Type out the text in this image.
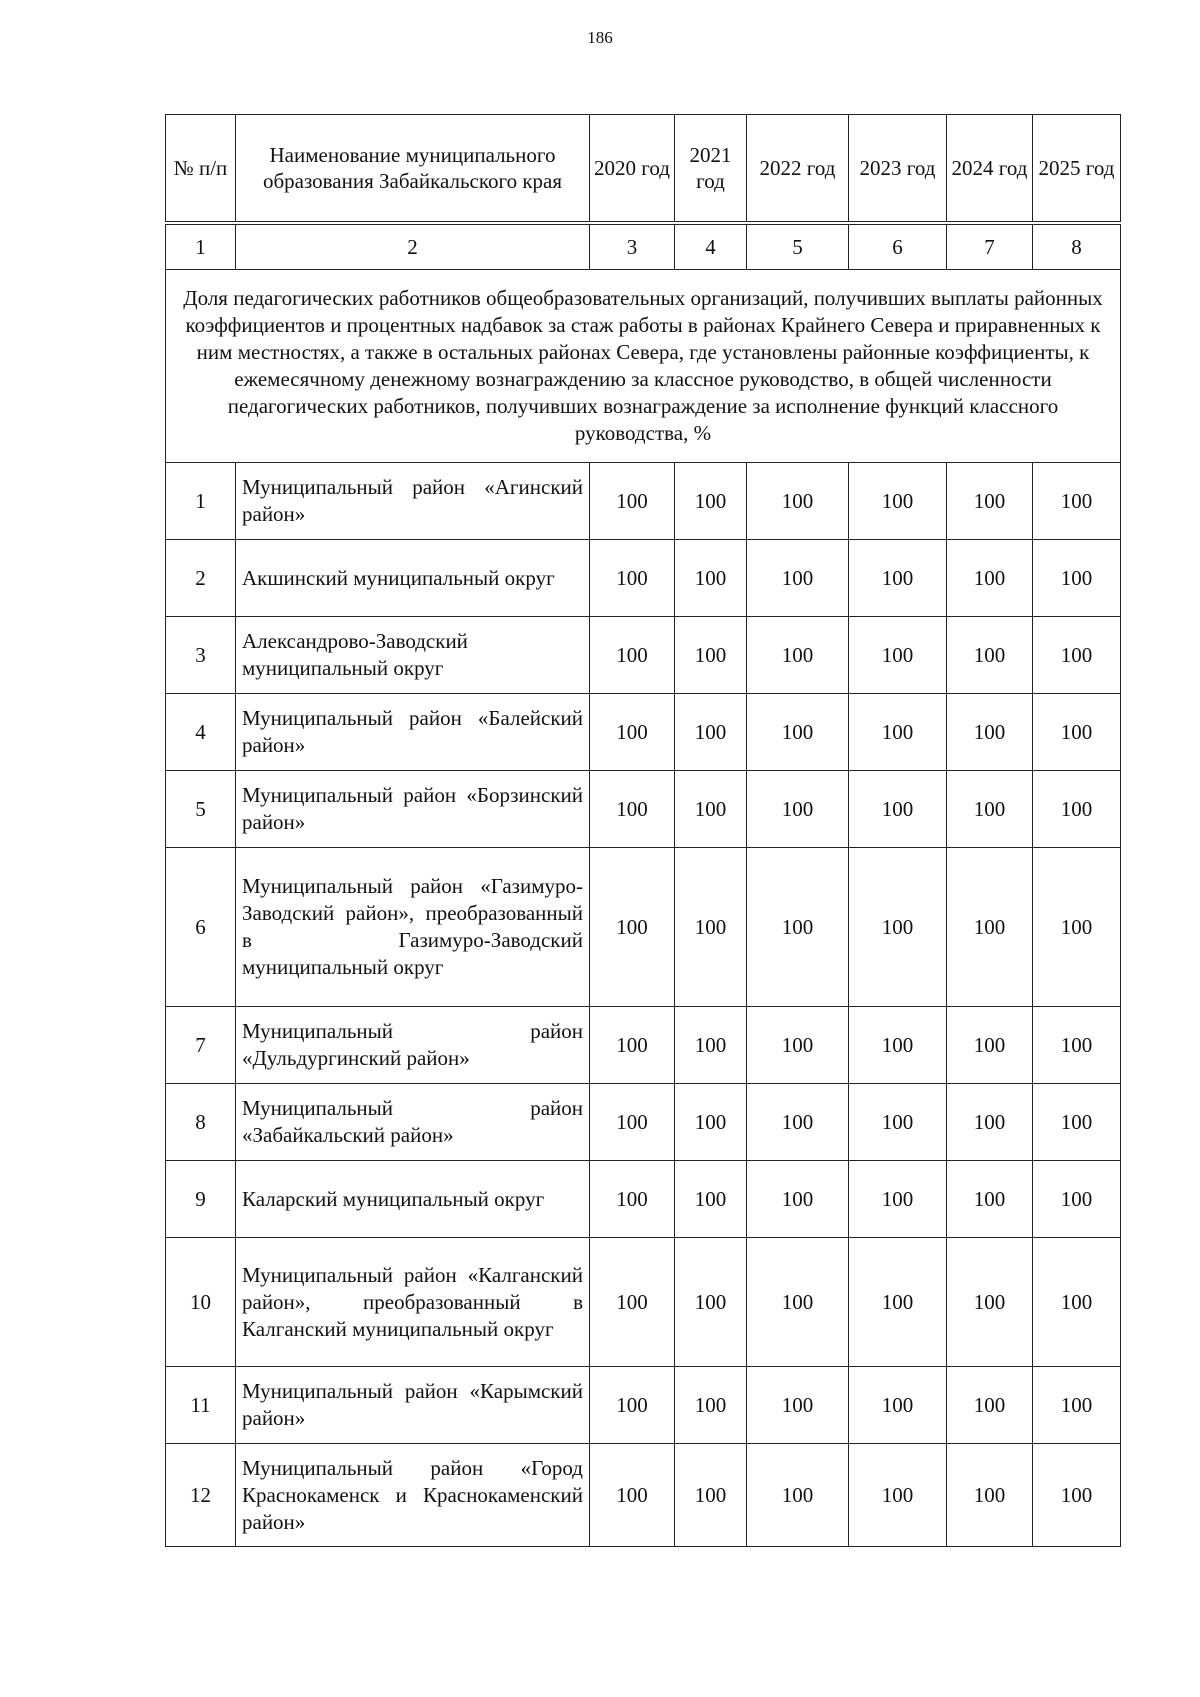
186
№ п/п	Наименование муниципального образования Забайкальского края	2020 год	2021 год	2022 год	2023 год	2024 год	2025 год
1	2	3	4	5	6	7	8
Доля педагогических работников общеобразовательных организаций, получивших выплаты районных коэффициентов и процентных надбавок за стаж работы в районах Крайнего Севера и приравненных к ним местностях, а также в остальных районах Севера, где установлены районные коэффициенты, к ежемесячному денежному вознаграждению за классное руководство, в общей численности педагогических работников, получивших вознаграждение за исполнение функций классного руководства, %							
1	Муниципальный район «Агинский район»	100	100	100	100	100	100
2	Акшинский муниципальный округ	100	100	100	100	100	100
3	Александрово-Заводский муниципальный округ	100	100	100	100	100	100
4	Муниципальный район «Балейский район»	100	100	100	100	100	100
5	Муниципальный район «Борзинский район»	100	100	100	100	100	100
6	Муниципальный район «Газимуро-Заводский район», преобразованный в Газимуро-Заводский муниципальный округ	100	100	100	100	100	100
7	Муниципальный район «Дульдургинский район»	100	100	100	100	100	100
8	Муниципальный район «Забайкальский район»	100	100	100	100	100	100
9	Каларский муниципальный округ	100	100	100	100	100	100
10	Муниципальный район «Калганский район», преобразованный в Калганский муниципальный округ	100	100	100	100	100	100
11	Муниципальный район «Карымский район»	100	100	100	100	100	100
12	Муниципальный район «Город Краснокаменск и Краснокаменский район»	100	100	100	100	100	100
